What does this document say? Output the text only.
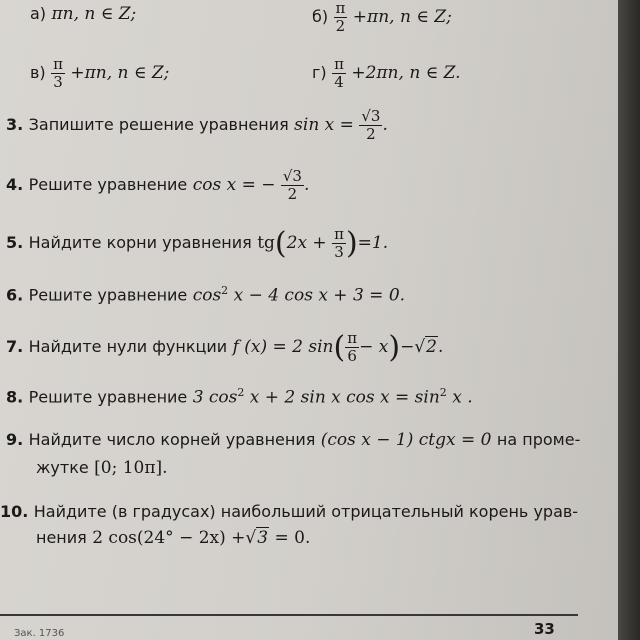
а) πn, n ∈ Z;	$б) \frac{\pi}{2} +\pi n$, n ∈ Z;
$в) \frac{\pi}{3} +\pi n$, n ∈ Z;	$г) \frac{\pi}{4} +2\pi n$, n ∈ Z.
3. Запишите решение уравнения $\sin x = \frac{√3}{2}$ .
4. Решите уравнение cos x = − $\frac{√3}{2}$ .
5. Найдите корни уравнения $tg(2x + \frac{\pi}{3} )=1$.
6. Решите уравнение $\cos^2 x - 4$ cos x + 3 = 0.
7. Найдите нули функции f (x) = 2 $\sin( \frac{\pi}{6} - x)-√2$.
8. Решите уравнение 3 $\cos^2 x + 2$ sin x $\cos x = \sin^2 x$ .
9. Найдите число корней уравнения (cos x − 1) ctgx = 0 на проме-
жутке [0; 10π].
10. Найдите (в градусах) наибольший отрицательный корень урав-
нения 2 cos(24° − 2x) +√3 = 0.
33
Зак. 1736
